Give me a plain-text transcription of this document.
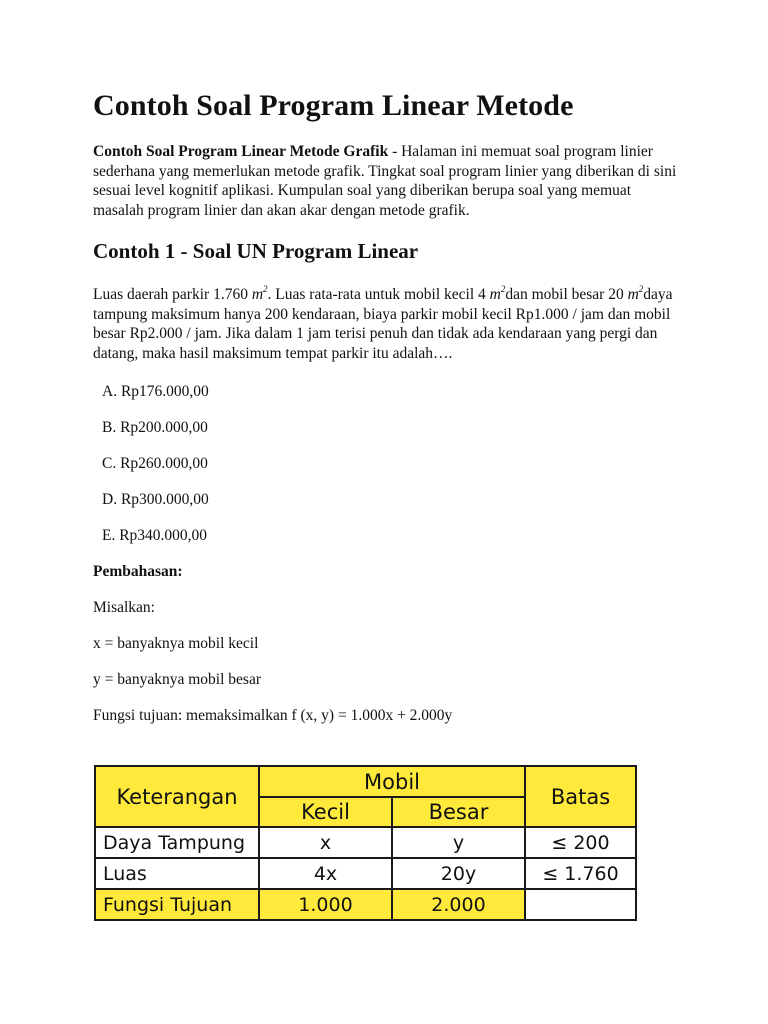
Contoh Soal Program Linear Metode

Contoh Soal Program Linear Metode Grafik - Halaman ini memuat soal program linier sederhana yang memerlukan metode grafik. Tingkat soal program linier yang diberikan di sini sesuai level kognitif aplikasi. Kumpulan soal yang diberikan berupa soal yang memuat masalah program linier dan akan akar dengan metode grafik.

Contoh 1 - Soal UN Program Linear

Luas daerah parkir 1.760 $m^2$. Luas rata-rata untuk mobil kecil 4 $m^2dan$ mobil besar 20 $m^2daya$ tampung maksimum hanya 200 kendaraan, biaya parkir mobil kecil Rp1.000 / jam dan mobil besar Rp2.000 / jam. Jika dalam 1 jam terisi penuh dan tidak ada kendaraan yang pergi dan datang, maka hasil maksimum tempat parkir itu adalah….

A. Rp176.000,00
B. Rp200.000,00
C. Rp260.000,00
D. Rp300.000,00
E. Rp340.000,00

Pembahasan:

Misalkan:

x = banyaknya mobil kecil

y = banyaknya mobil besar

Fungsi tujuan: memaksimalkan f (x, y) = 1.000x + 2.000y

Keterangan	Mobil		Batas
	Kecil	Besar	
Daya Tampung	x	y	≤ 200
Luas	4x	20y	≤ 1.760
Fungsi Tujuan	1.000	2.000	
